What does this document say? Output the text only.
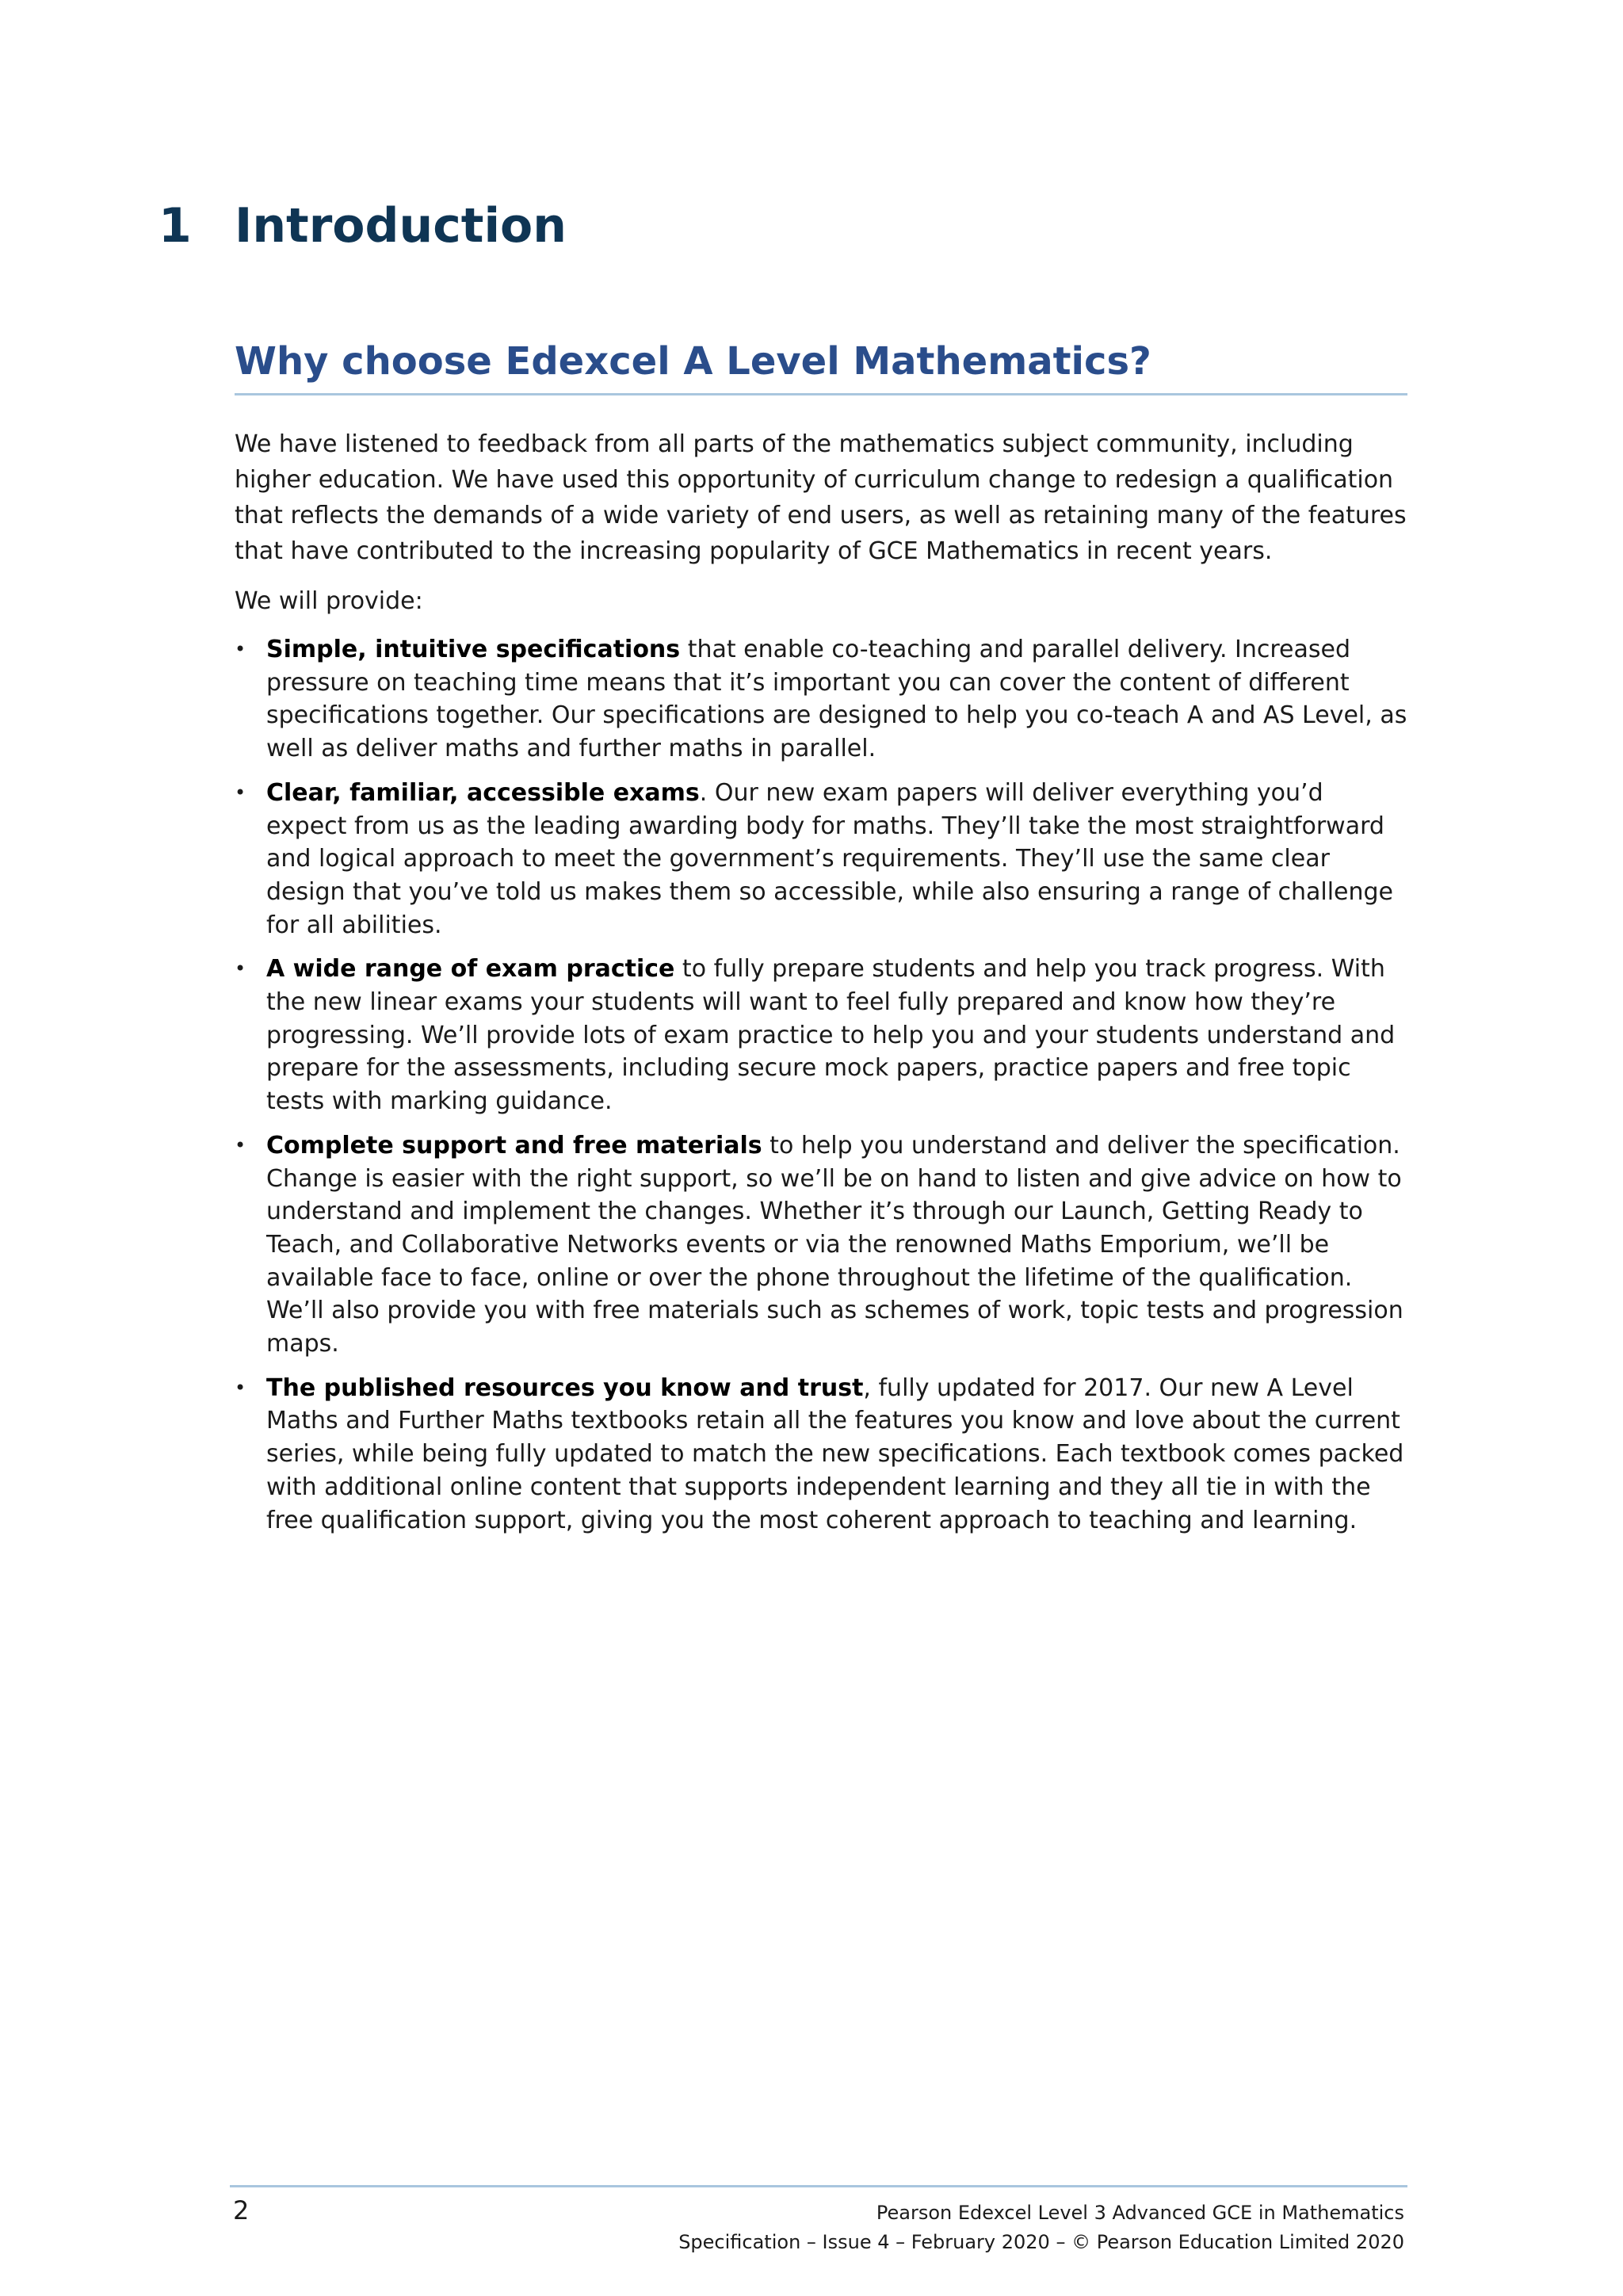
1 Introduction
Why choose Edexcel A Level Mathematics?

We have listened to feedback from all parts of the mathematics subject community, including higher education. We have used this opportunity of curriculum change to redesign a qualification that reflects the demands of a wide variety of end users, as well as retaining many of the features that have contributed to the increasing popularity of GCE Mathematics in recent years.

We will provide:

• Simple, intuitive specifications that enable co-teaching and parallel delivery. Increased pressure on teaching time means that it’s important you can cover the content of different specifications together. Our specifications are designed to help you co-teach A and AS Level, as well as deliver maths and further maths in parallel.
• Clear, familiar, accessible exams. Our new exam papers will deliver everything you’d expect from us as the leading awarding body for maths. They’ll take the most straightforward and logical approach to meet the government’s requirements. They’ll use the same clear design that you’ve told us makes them so accessible, while also ensuring a range of challenge for all abilities.
• A wide range of exam practice to fully prepare students and help you track progress. With the new linear exams your students will want to feel fully prepared and know how they’re progressing. We’ll provide lots of exam practice to help you and your students understand and prepare for the assessments, including secure mock papers, practice papers and free topic tests with marking guidance.
• Complete support and free materials to help you understand and deliver the specification. Change is easier with the right support, so we’ll be on hand to listen and give advice on how to understand and implement the changes. Whether it’s through our Launch, Getting Ready to Teach, and Collaborative Networks events or via the renowned Maths Emporium, we’ll be available face to face, online or over the phone throughout the lifetime of the qualification. We’ll also provide you with free materials such as schemes of work, topic tests and progression maps.
• The published resources you know and trust, fully updated for 2017. Our new A Level Maths and Further Maths textbooks retain all the features you know and love about the current series, while being fully updated to match the new specifications. Each textbook comes packed with additional online content that supports independent learning and they all tie in with the free qualification support, giving you the most coherent approach to teaching and learning.
2	Pearson Edexcel Level 3 Advanced GCE in Mathematics
Specification – Issue 4 – February 2020 – © Pearson Education Limited 2020
